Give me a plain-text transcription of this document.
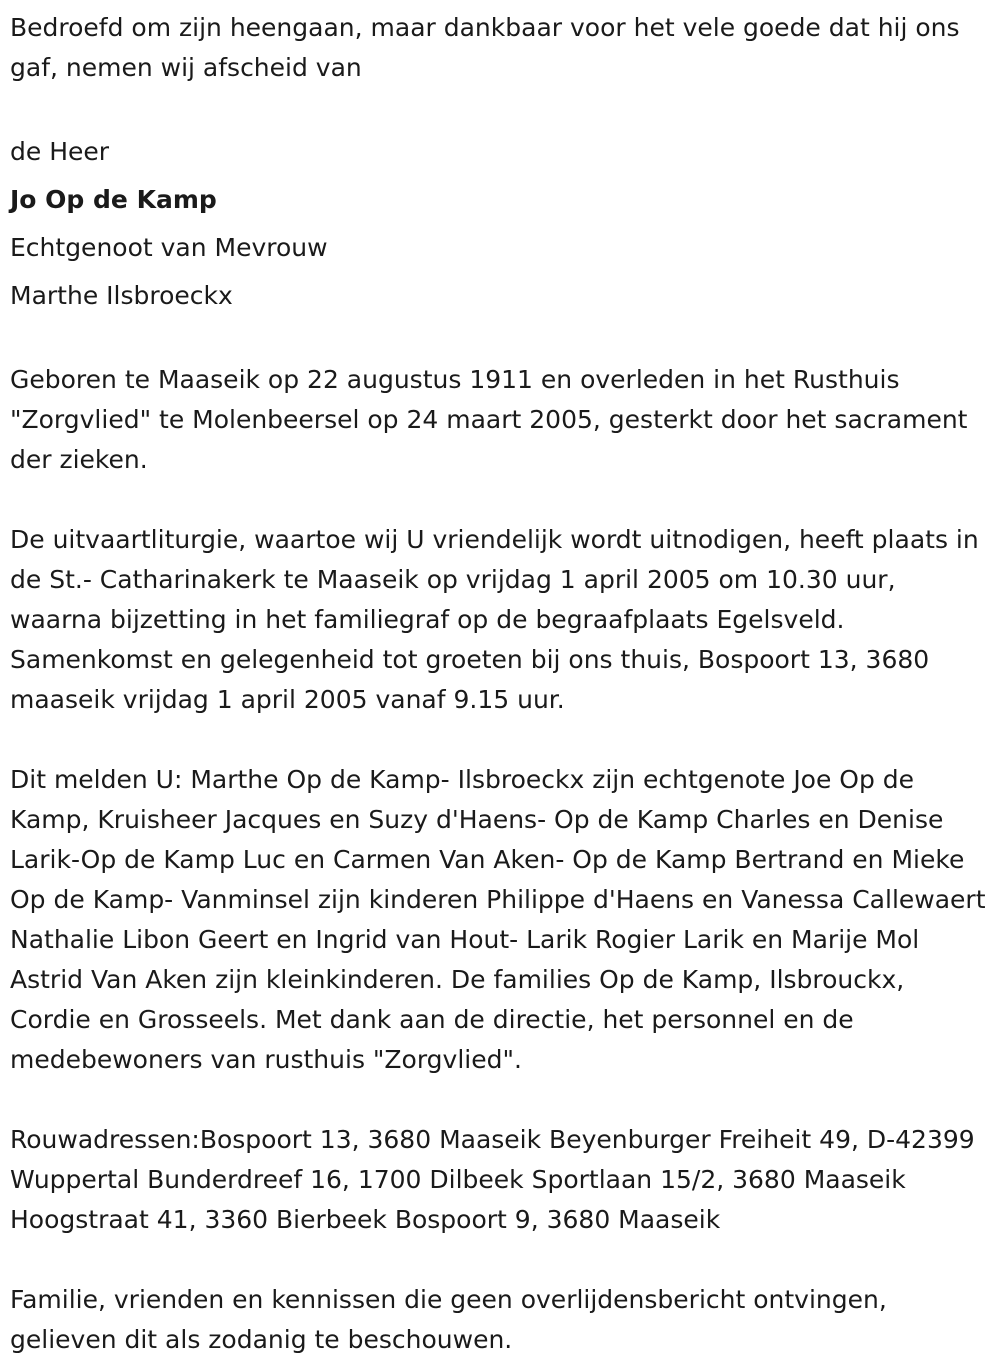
Bedroefd om zijn heengaan, maar dankbaar voor het vele goede dat hij ons gaf, nemen wij afscheid van

de Heer

Jo Op de Kamp

Echtgenoot van Mevrouw

Marthe Ilsbroeckx

Geboren te Maaseik op 22 augustus 1911 en overleden in het Rusthuis "Zorgvlied" te Molenbeersel op 24 maart 2005, gesterkt door het sacrament der zieken.

De uitvaartliturgie, waartoe wij U vriendelijk wordt uitnodigen, heeft plaats in de St.- Catharinakerk te Maaseik op vrijdag 1 april 2005 om 10.30 uur, waarna bijzetting in het familiegraf op de begraafplaats Egelsveld. Samenkomst en gelegenheid tot groeten bij ons thuis, Bospoort 13, 3680 maaseik vrijdag 1 april 2005 vanaf 9.15 uur.

Dit melden U: Marthe Op de Kamp- Ilsbroeckx zijn echtgenote Joe Op de Kamp, Kruisheer Jacques en Suzy d'Haens- Op de Kamp Charles en Denise Larik-Op de Kamp Luc en Carmen Van Aken- Op de Kamp Bertrand en Mieke Op de Kamp- Vanminsel zijn kinderen Philippe d'Haens en Vanessa Callewaert Nathalie Libon Geert en Ingrid van Hout- Larik Rogier Larik en Marije Mol Astrid Van Aken zijn kleinkinderen. De families Op de Kamp, Ilsbrouckx, Cordie en Grosseels. Met dank aan de directie, het personnel en de medebewoners van rusthuis "Zorgvlied".

Rouwadressen:Bospoort 13, 3680 Maaseik Beyenburger Freiheit 49, D-42399 Wuppertal Bunderdreef 16, 1700 Dilbeek Sportlaan 15/2, 3680 Maaseik Hoogstraat 41, 3360 Bierbeek Bospoort 9, 3680 Maaseik

Familie, vrienden en kennissen die geen overlijdensbericht ontvingen, gelieven dit als zodanig te beschouwen.
